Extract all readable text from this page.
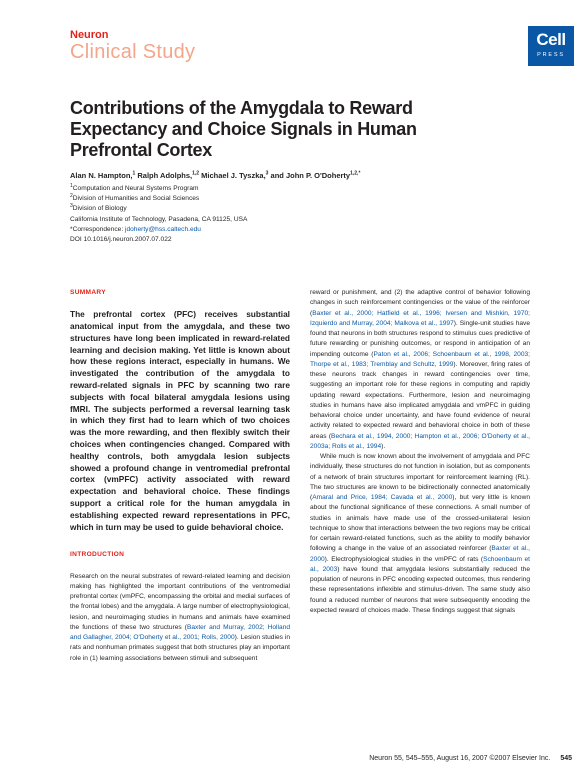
Neuron
Clinical Study
Cell
PRESS
Contributions of the Amygdala to Reward Expectancy and Choice Signals in Human Prefrontal Cortex
Alan N. Hampton,$^1$ Ralph Adolphs,$^{1,2}$ Michael J. Tyszka,$^3$ and John P. O'Doherty$^{1,2,*}$
$^1$Computation and Neural Systems Program
$^2$Division of Humanities and Social Sciences
$^3$Division of Biology
California Institute of Technology, Pasadena, CA 91125, USA
*Correspondence: jdoherty@hss.caltech.edu
DOI 10.1016/j.neuron.2007.07.022
SUMMARY
The prefrontal cortex (PFC) receives substantial anatomical input from the amygdala, and these two structures have long been implicated in reward-related learning and decision making. Yet little is known about how these regions interact, especially in humans. We investigated the contribution of the amygdala to reward-related signals in PFC by scanning two rare subjects with focal bilateral amygdala lesions using fMRI. The subjects performed a reversal learning task in which they first had to learn which of two choices was the more rewarding, and then flexibly switch their choices when contingencies changed. Compared with healthy controls, both amygdala lesion subjects showed a profound change in ventromedial prefrontal cortex (vmPFC) activity associated with reward expectation and behavioral choice. These findings support a critical role for the human amygdala in establishing expected reward representations in PFC, which in turn may be used to guide behavioral choice.
INTRODUCTION

Research on the neural substrates of reward-related learning and decision making has highlighted the important contributions of the ventromedial prefrontal cortex (vmPFC, encompassing the orbital and medial surfaces of the frontal lobes) and the amygdala. A large number of electrophysiological, lesion, and neuroimaging studies in humans and animals have examined the functions of these two structures (Baxter and Murray, 2002; Holland and Gallagher, 2004; O'Doherty et al., 2001; Rolls, 2000). Lesion studies in rats and nonhuman primates suggest that both structures play an important role in (1) learning associations between stimuli and subsequent

reward or punishment, and (2) the adaptive control of behavior following changes in such reinforcement contingencies or the value of the reinforcer (Baxter et al., 2000; Hatfield et al., 1996; Iversen and Mishkin, 1970; Izquierdo and Murray, 2004; Malkova et al., 1997). Single-unit studies have found that neurons in both structures respond to stimulus cues predictive of future rewarding or punishing outcomes, or respond in anticipation of an impending outcome (Paton et al., 2006; Schoenbaum et al., 1998, 2003; Thorpe et al., 1983; Tremblay and Schultz, 1999). Moreover, firing rates of these neurons track changes in reward contingencies over time, suggesting an important role for these regions in computing and rapidly updating reward expectations. Furthermore, lesion and neuroimaging studies in humans have also implicated amygdala and vmPFC in guiding behavioral choice under uncertainty, and have found evidence of neural activity related to expected reward and behavioral choice in both of these areas (Bechara et al., 1994, 2000; Hampton et al., 2006; O'Doherty et al., 2003a; Rolls et al., 1994).

While much is now known about the involvement of amygdala and PFC individually, these structures do not function in isolation, but as components of a network of brain structures important for reinforcement learning (RL). The two structures are known to be bidirectionally connected anatomically (Amaral and Price, 1984; Cavada et al., 2000), but very little is known about the functional significance of these connections. A small number of studies in animals have made use of the crossed-unilateral lesion technique to show that interactions between the two regions may be critical for certain reward-related functions, such as the ability to modify behavior following a change in the value of an associated reinforcer (Baxter et al., 2000). Electrophysiological studies in the vmPFC of rats (Schoenbaum et al., 2003) have found that amygdala lesions substantially reduced the population of neurons in PFC encoding expected outcomes, thus rendering these representations inflexible and stimulus-driven. The same study also found a reduced number of neurons that were subsequently encoding the expected reward of choices made. These findings suggest that signals

Neuron 55, 545–555, August 16, 2007 ©2007 Elsevier Inc. 545
